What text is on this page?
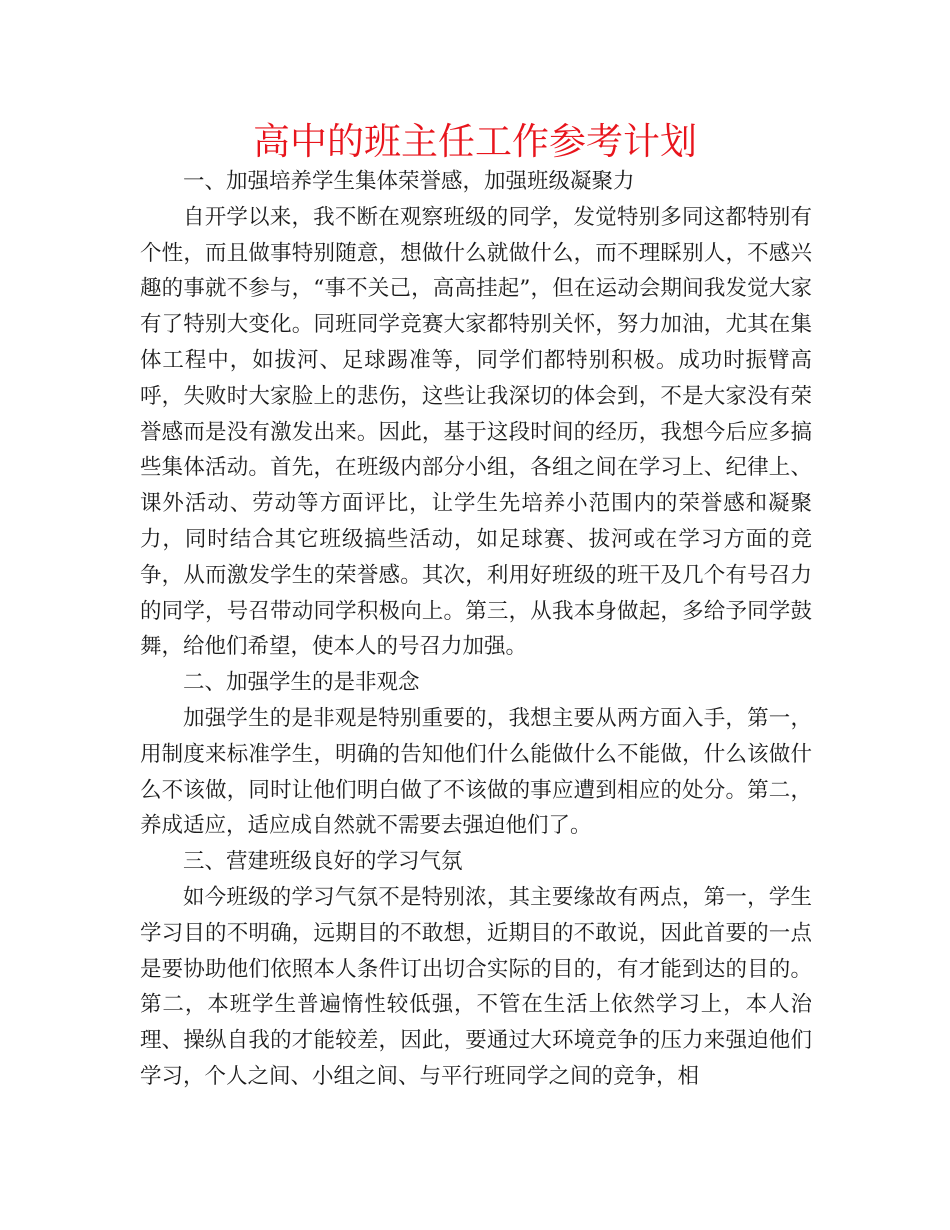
高中的班主任工作参考计划

一、加强培养学生集体荣誉感，加强班级凝聚力

自开学以来，我不断在观察班级的同学，发觉特别多同这都特别有个性，而且做事特别随意，想做什么就做什么，而不理睬别人，不感兴趣的事就不参与，“事不关己，高高挂起”，但在运动会期间我发觉大家有了特别大变化。同班同学竞赛大家都特别关怀，努力加油，尤其在集体工程中，如拔河、足球踢准等，同学们都特别积极。成功时振臂高呼，失败时大家脸上的悲伤，这些让我深切的体会到，不是大家没有荣誉感而是没有激发出来。因此，基于这段时间的经历，我想今后应多搞些集体活动。首先，在班级内部分小组，各组之间在学习上、纪律上、课外活动、劳动等方面评比，让学生先培养小范围内的荣誉感和凝聚力，同时结合其它班级搞些活动，如足球赛、拔河或在学习方面的竞争，从而激发学生的荣誉感。其次，利用好班级的班干及几个有号召力的同学，号召带动同学积极向上。第三，从我本身做起，多给予同学鼓舞，给他们希望，使本人的号召力加强。

二、加强学生的是非观念

加强学生的是非观是特别重要的，我想主要从两方面入手，第一，用制度来标准学生，明确的告知他们什么能做什么不能做，什么该做什么不该做，同时让他们明白做了不该做的事应遭到相应的处分。第二，养成适应，适应成自然就不需要去强迫他们了。

三、营建班级良好的学习气氛

如今班级的学习气氛不是特别浓，其主要缘故有两点，第一，学生学习目的不明确，远期目的不敢想，近期目的不敢说，因此首要的一点是要协助他们依照本人条件订出切合实际的目的，有才能到达的目的。第二，本班学生普遍惰性较低强，不管在生活上依然学习上，本人治理、操纵自我的才能较差，因此，要通过大环境竞争的压力来强迫他们学习，个人之间、小组之间、与平行班同学之间的竞争，相
